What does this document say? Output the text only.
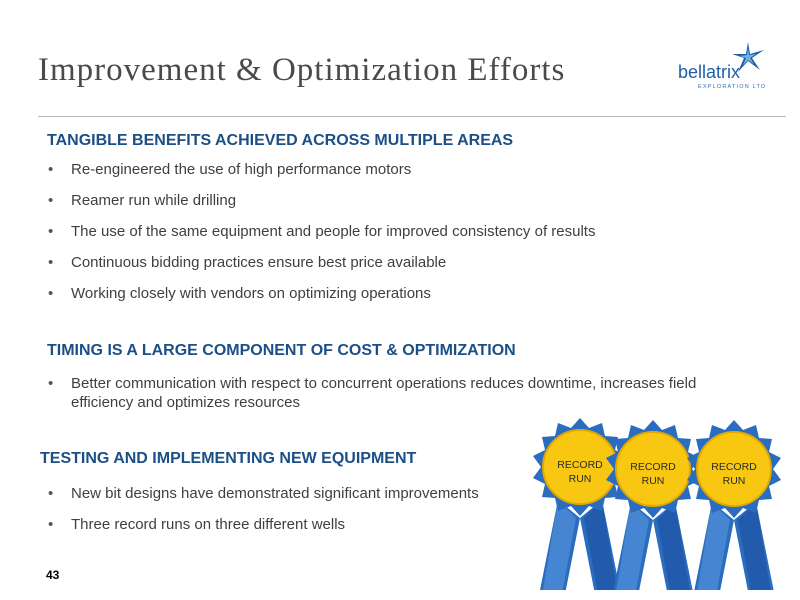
Improvement & Optimization Efforts	bellatrix
EXPLORATION LTD
TANGIBLE BENEFITS ACHIEVED ACROSS MULTIPLE AREAS
• Re-engineered the use of high performance motors
• Reamer run while drilling
• The use of the same equipment and people for improved consistency of results
• Continuous bidding practices ensure best price available
• Working closely with vendors on optimizing operations
TIMING IS A LARGE COMPONENT OF COST & OPTIMIZATION
• Better communication with respect to concurrent operations reduces downtime, increases field efficiency and optimizes resources
TESTING AND IMPLEMENTING NEW EQUIPMENT
• New bit designs have demonstrated significant improvements
• Three record runs on three different wells
RECORD
RUN
RECORD
RUN
RECORD
RUN
43
